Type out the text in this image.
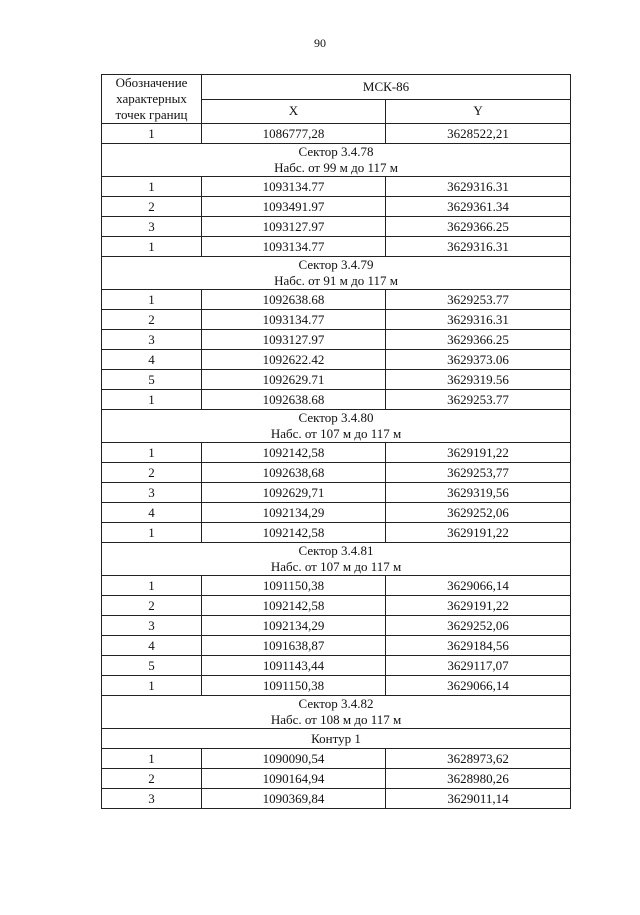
90
Обозначение характерных точек границ	МСК-86	
	X	Y
1	1086777,28	3628522,21

Сектор 3.4.78
Набс. от 99 м до 117 м		

1	1093134.77	3629316.31
2	1093491.97	3629361.34
3	1093127.97	3629366.25
1	1093134.77	3629316.31

Сектор 3.4.79
Набс. от 91 м до 117 м		

1	1092638.68	3629253.77
2	1093134.77	3629316.31
3	1093127.97	3629366.25
4	1092622.42	3629373.06
5	1092629.71	3629319.56
1	1092638.68	3629253.77

Сектор 3.4.80
Набс. от 107 м до 117 м		

1	1092142,58	3629191,22
2	1092638,68	3629253,77
3	1092629,71	3629319,56
4	1092134,29	3629252,06
1	1092142,58	3629191,22

Сектор 3.4.81
Набс. от 107 м до 117 м		

1	1091150,38	3629066,14
2	1092142,58	3629191,22
3	1092134,29	3629252,06
4	1091638,87	3629184,56
5	1091143,44	3629117,07
1	1091150,38	3629066,14

Сектор 3.4.82
Набс. от 108 м до 117 м		

Контур 1		
1	1090090,54	3628973,62
2	1090164,94	3628980,26
3	1090369,84	3629011,14
